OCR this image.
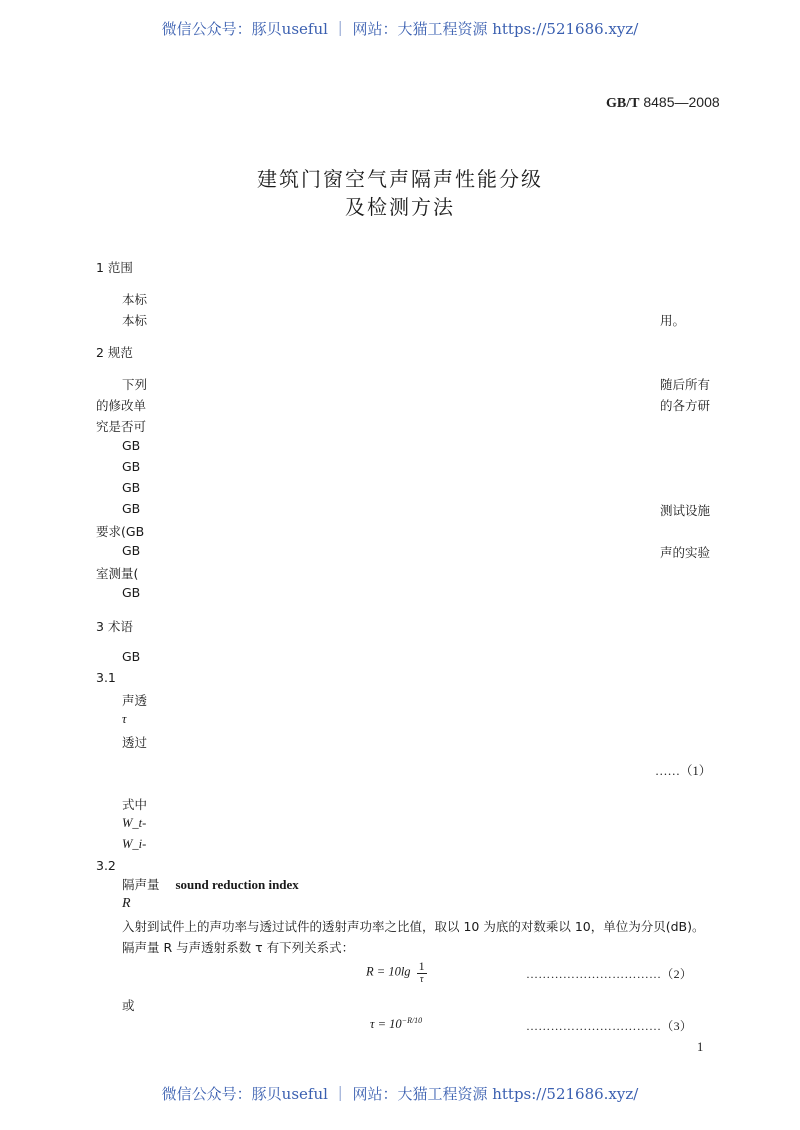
微信公众号：豚贝useful ｜ 网站：大猫工程资源 https://521686.xyz/
GB/T 8485—2008
建筑门窗空气声隔声性能分级
及检测方法
1 范围
本标
本标
2 规范
下列
的修改单
究是否可
GB
GB
GB
GB
要求(GB
GB
室测量(
GB
3 术语
GB
3.1
声透
τ
透过
式中
W_t-
W_i-
用。
随后所有
的各方研
测试设施
声的实验
……（1）
3.2
隔声量 sound reduction index
R
入射到试件上的声功率与透过试件的透射声功率之比值，取以 10 为底的对数乘以 10，单位为分贝(dB)。
隔声量 R 与声透射系数 τ 有下列关系式：
$R = 10\lg \frac{1}{\tau}$	……………………………（2）
或
$\tau = 10^{-R/10}$	……………………………（3）
1
微信公众号：豚贝useful ｜ 网站：大猫工程资源 https://521686.xyz/
